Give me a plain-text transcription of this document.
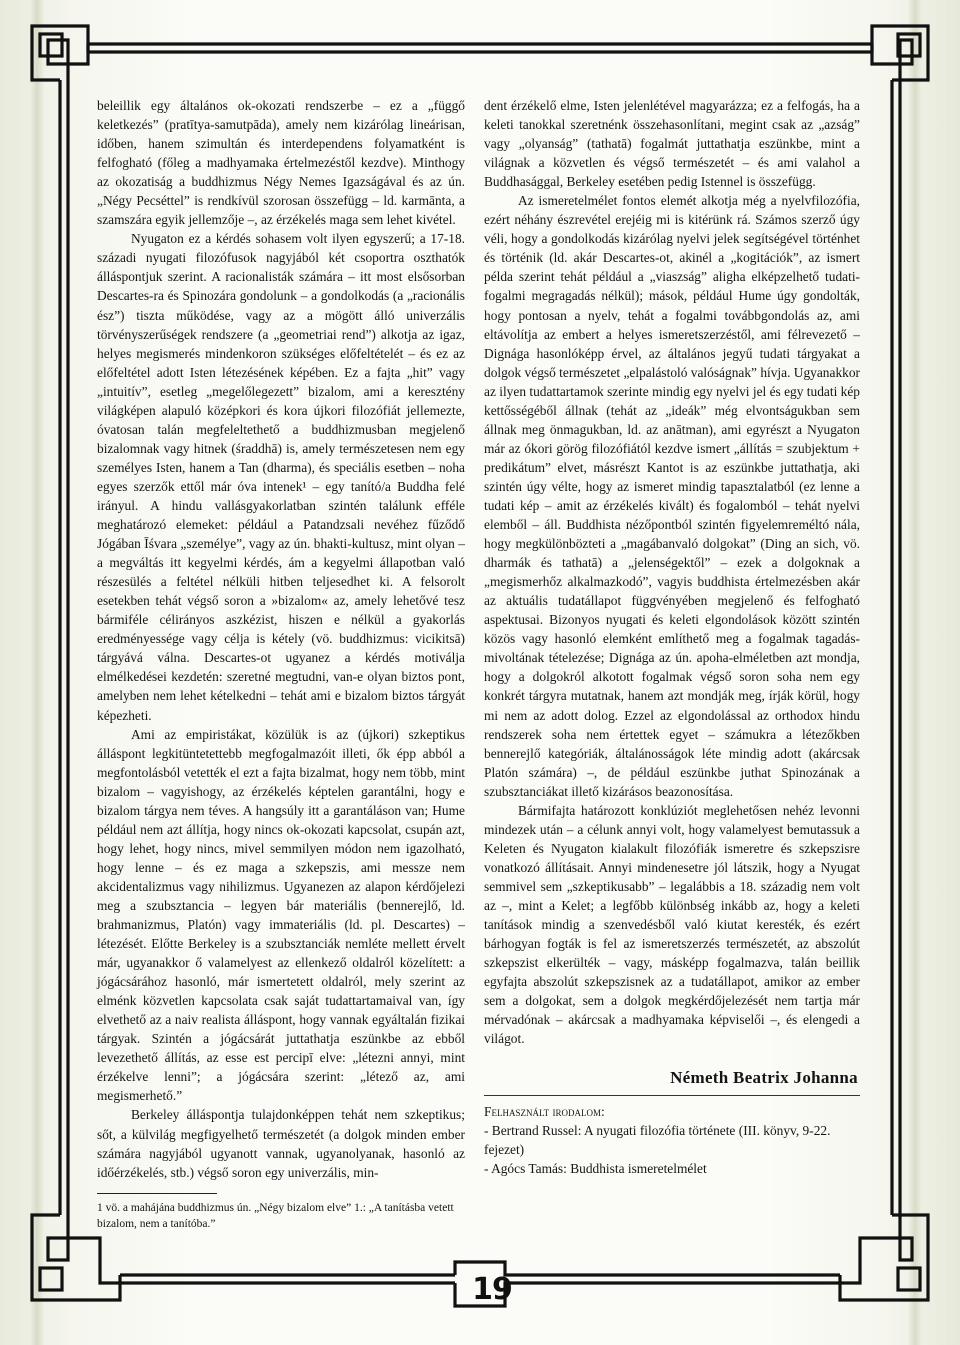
beleillik egy általános ok-okozati rendszerbe – ez a „függő keletkezés” (pratītya-samutpāda), amely nem kizárólag lineárisan, időben, hanem szimultán és interdependens folyamatként is felfogható (főleg a madhyamaka értelmezéstől kezdve). Minthogy az okozatiság a buddhizmus Négy Nemes Igazságával és az ún. „Négy Pecséttel” is rendkívül szorosan összefügg – ld. karmānta, a szamszára egyik jellemzője –, az érzékelés maga sem lehet kivétel.

Nyugaton ez a kérdés sohasem volt ilyen egyszerű; a 17-18. századi nyugati filozófusok nagyjából két csoportra oszthatók álláspontjuk szerint. A racionalisták számára – itt most elsősorban Descartes-ra és Spinozára gondolunk – a gondolkodás (a „racionális ész”) tiszta működése, vagy az a mögött álló univerzális törvényszerűségek rendszere (a „geometriai rend”) alkotja az igaz, helyes megismerés mindenkoron szükséges előfeltételét – és ez az előfeltétel adott Isten létezésének képében. Ez a fajta „hit” vagy „intuitív”, esetleg „megelőlegezett” bizalom, ami a keresztény világképen alapuló középkori és kora újkori filozófiát jellemezte, óvatosan talán megfeleltethető a buddhizmusban megjelenő bizalomnak vagy hitnek (śraddhā) is, amely természetesen nem egy személyes Isten, hanem a Tan (dharma), és speciális esetben – noha egyes szerzők ettől már óva intenek¹ – egy tanító/a Buddha felé irányul. A hindu vallásgyakorlatban szintén találunk efféle meghatározó elemeket: például a Patandzsali nevéhez fűződő Jógában Īśvara „személye”, vagy az ún. bhakti-kultusz, mint olyan – a megváltás itt kegyelmi kérdés, ám a kegyelmi állapotban való részesülés a feltétel nélküli hitben teljesedhet ki. A felsorolt esetekben tehát végső soron a »bizalom« az, amely lehetővé tesz bármiféle célirányos aszkézist, hiszen e nélkül a gyakorlás eredményessége vagy célja is kétely (vö. buddhizmus: vicikitsā) tárgyává válna. Descartes-ot ugyanez a kérdés motiválja elmélkedései kezdetén: szeretné megtudni, van-e olyan biztos pont, amelyben nem lehet kételkedni – tehát ami e bizalom biztos tárgyát képezheti.

Ami az empiristákat, közülük is az (újkori) szkeptikus álláspont legkitüntetettebb megfogalmazóit illeti, ők épp abból a megfontolásból vetették el ezt a fajta bizalmat, hogy nem több, mint bizalom – vagyishogy, az érzékelés képtelen garantálni, hogy e bizalom tárgya nem téves. A hangsúly itt a garantáláson van; Hume például nem azt állítja, hogy nincs ok-okozati kapcsolat, csupán azt, hogy lehet, hogy nincs, mivel semmilyen módon nem igazolható, hogy lenne – és ez maga a szkepszis, ami messze nem akcidentalizmus vagy nihilizmus. Ugyanezen az alapon kérdőjelezi meg a szubsztancia – legyen bár materiális (bennerejlő, ld. brahmanizmus, Platón) vagy immateriális (ld. pl. Descartes) – létezését. Előtte Berkeley is a szubsztanciák nemléte mellett érvelt már, ugyanakkor ő valamelyest az ellenkező oldalról közelített: a jógácsárához hasonló, már ismertetett oldalról, mely szerint az elménk közvetlen kapcsolata csak saját tudattartamaival van, így elvethető az a naiv realista álláspont, hogy vannak egyáltalán fizikai tárgyak. Szintén a jógácsárát juttathatja eszünkbe az ebből levezethető állítás, az esse est percipī elve: „létezni annyi, mint érzékelve lenni”; a jógácsára szerint: „létező az, ami megismerhető.”

Berkeley álláspontja tulajdonképpen tehát nem szkeptikus; sőt, a külvilág megfigyelhető természetét (a dolgok minden ember számára nagyjából ugyanott vannak, ugyanolyanak, hasonló az időérzékelés, stb.) végső soron egy univerzális, min-

1 vö. a mahájána buddhizmus ún. „Négy bizalom elve” 1.: „A tanításba vetett bizalom, nem a tanítóba.”

dent érzékelő elme, Isten jelenlétével magyarázza; ez a felfogás, ha a keleti tanokkal szeretnénk összehasonlítani, megint csak az „azság” vagy „olyanság” (tathatā) fogalmát juttathatja eszünkbe, mint a világnak a közvetlen és végső természetét – és ami valahol a Buddhasággal, Berkeley esetében pedig Istennel is összefügg.

Az ismeretelmélet fontos elemét alkotja még a nyelvfilozófia, ezért néhány észrevétel erejéig mi is kitérünk rá. Számos szerző úgy véli, hogy a gondolkodás kizárólag nyelvi jelek segítségével történhet és történik (ld. akár Descartes-ot, akinél a „kogitációk”, az ismert példa szerint tehát például a „viaszság” aligha elképzelhető tudati-fogalmi megragadás nélkül); mások, például Hume úgy gondolták, hogy pontosan a nyelv, tehát a fogalmi továbbgondolás az, ami eltávolítja az embert a helyes ismeretszerzéstől, ami félrevezető – Dignága hasonlóképp érvel, az általános jegyű tudati tárgyakat a dolgok végső természetet „elpalástoló valóságnak” hívja. Ugyanakkor az ilyen tudattartamok szerinte mindig egy nyelvi jel és egy tudati kép kettősségéből állnak (tehát az „ideák” még elvontságukban sem állnak meg önmagukban, ld. az anātman), ami egyrészt a Nyugaton már az ókori görög filozófiától kezdve ismert „állítás = szubjektum + predikátum” elvet, másrészt Kantot is az eszünkbe juttathatja, aki szintén úgy vélte, hogy az ismeret mindig tapasztalatból (ez lenne a tudati kép – amit az érzékelés kivált) és fogalomból – tehát nyelvi elemből – áll. Buddhista nézőpontból szintén figyelemreméltó nála, hogy megkülönbözteti a „magábanvaló dolgokat” (Ding an sich, vö. dharmák és tathatā) a „jelenségektől” – ezek a dolgoknak a „megismerhőz alkalmazkodó”, vagyis buddhista értelmezésben akár az aktuális tudatállapot függvényében megjelenő és felfogható aspektusai. Bizonyos nyugati és keleti elgondolások között szintén közös vagy hasonló elemként említhető meg a fogalmak tagadás-mivoltának tételezése; Dignága az ún. apoha-elméletben azt mondja, hogy a dolgokról alkotott fogalmak végső soron soha nem egy konkrét tárgyra mutatnak, hanem azt mondják meg, írják körül, hogy mi nem az adott dolog. Ezzel az elgondolással az orthodox hindu rendszerek soha nem értettek egyet – számukra a létezőkben bennerejlő kategóriák, általánosságok léte mindig adott (akárcsak Platón számára) –, de például eszünkbe juthat Spinozának a szubsztanciákat illető kizárásos beazonosítása.

Bármifajta határozott konklúziót meglehetősen nehéz levonni mindezek után – a célunk annyi volt, hogy valamelyest bemutassuk a Keleten és Nyugaton kialakult filozófiák ismeretre és szkepszisre vonatkozó állításait. Annyi mindenesetre jól látszik, hogy a Nyugat semmivel sem „szkeptikusabb” – legalábbis a 18. századig nem volt az –, mint a Kelet; a legfőbb különbség inkább az, hogy a keleti tanítások mindig a szenvedésből való kiutat keresték, és ezért bárhogyan fogták is fel az ismeretszerzés természetét, az abszolút szkepszist elkerülték – vagy, másképp fogalmazva, talán beillik egyfajta abszolút szkepszisnek az a tudatállapot, amikor az ember sem a dolgokat, sem a dolgok megkérdőjelezését nem tartja már mérvadónak – akárcsak a madhyamaka képviselői –, és elengedi a világot.

Németh Beatrix Johanna
Felhasznált irodalom:
- Bertrand Russel: A nyugati filozófia története (III. könyv, 9-22. fejezet)
- Agócs Tamás: Buddhista ismeretelmélet
19
